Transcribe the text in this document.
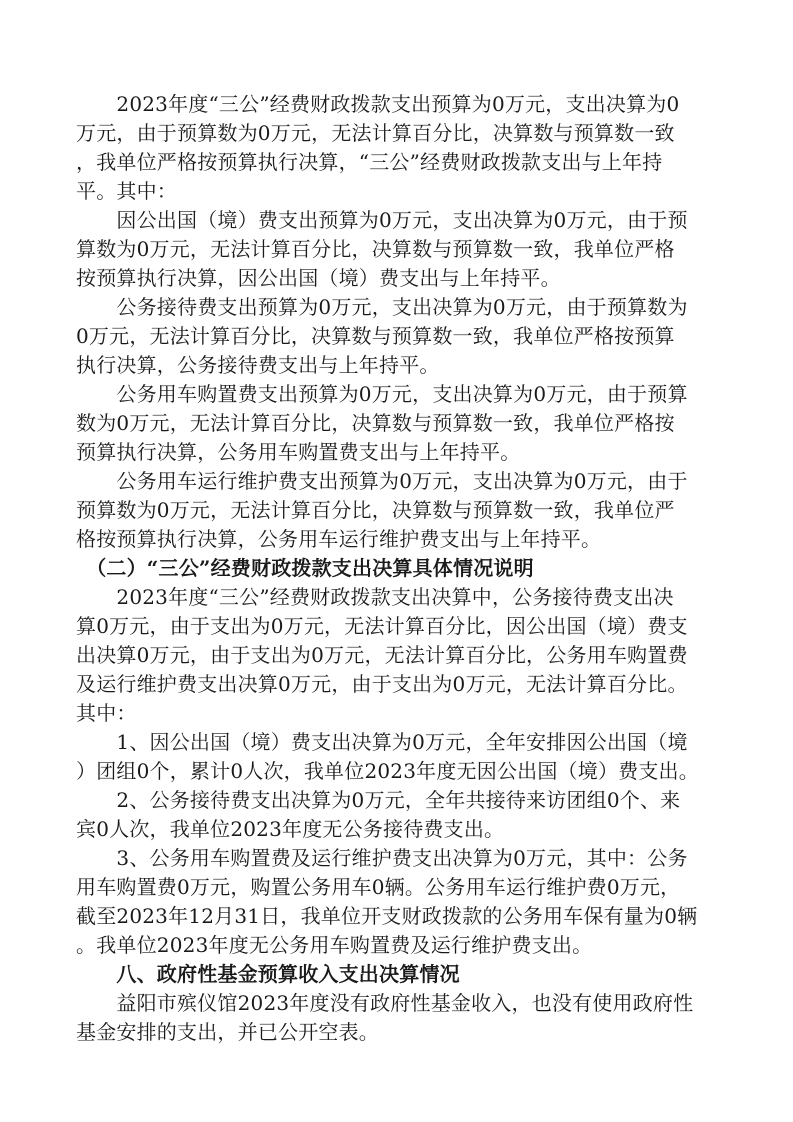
　　2023年度“三公”经费财政拨款支出预算为0万元，支出决算为0

万元，由于预算数为0万元，无法计算百分比，决算数与预算数一致

，我单位严格按预算执行决算，“三公”经费财政拨款支出与上年持

平。其中：

　　因公出国（境）费支出预算为0万元，支出决算为0万元，由于预

算数为0万元，无法计算百分比，决算数与预算数一致，我单位严格

按预算执行决算，因公出国（境）费支出与上年持平。

　　公务接待费支出预算为0万元，支出决算为0万元，由于预算数为

0万元，无法计算百分比，决算数与预算数一致，我单位严格按预算

执行决算，公务接待费支出与上年持平。

　　公务用车购置费支出预算为0万元，支出决算为0万元，由于预算

数为0万元，无法计算百分比，决算数与预算数一致，我单位严格按

预算执行决算，公务用车购置费支出与上年持平。

　　公务用车运行维护费支出预算为0万元，支出决算为0万元，由于

预算数为0万元，无法计算百分比，决算数与预算数一致，我单位严

格按预算执行决算，公务用车运行维护费支出与上年持平。

　（二）“三公”经费财政拨款支出决算具体情况说明

　　2023年度“三公”经费财政拨款支出决算中，公务接待费支出决

算0万元，由于支出为0万元，无法计算百分比，因公出国（境）费支

出决算0万元，由于支出为0万元，无法计算百分比，公务用车购置费

及运行维护费支出决算0万元，由于支出为0万元，无法计算百分比。

其中：

　　1、因公出国（境）费支出决算为0万元，全年安排因公出国（境

）团组0个，累计0人次，我单位2023年度无因公出国（境）费支出。

　　2、公务接待费支出决算为0万元，全年共接待来访团组0个、来

宾0人次，我单位2023年度无公务接待费支出。

　　3、公务用车购置费及运行维护费支出决算为0万元，其中：公务

用车购置费0万元，购置公务用车0辆。公务用车运行维护费0万元，

截至2023年12月31日，我单位开支财政拨款的公务用车保有量为0辆

。我单位2023年度无公务用车购置费及运行维护费支出。

　　八、政府性基金预算收入支出决算情况

　　益阳市殡仪馆2023年度没有政府性基金收入，也没有使用政府性

基金安排的支出，并已公开空表。
